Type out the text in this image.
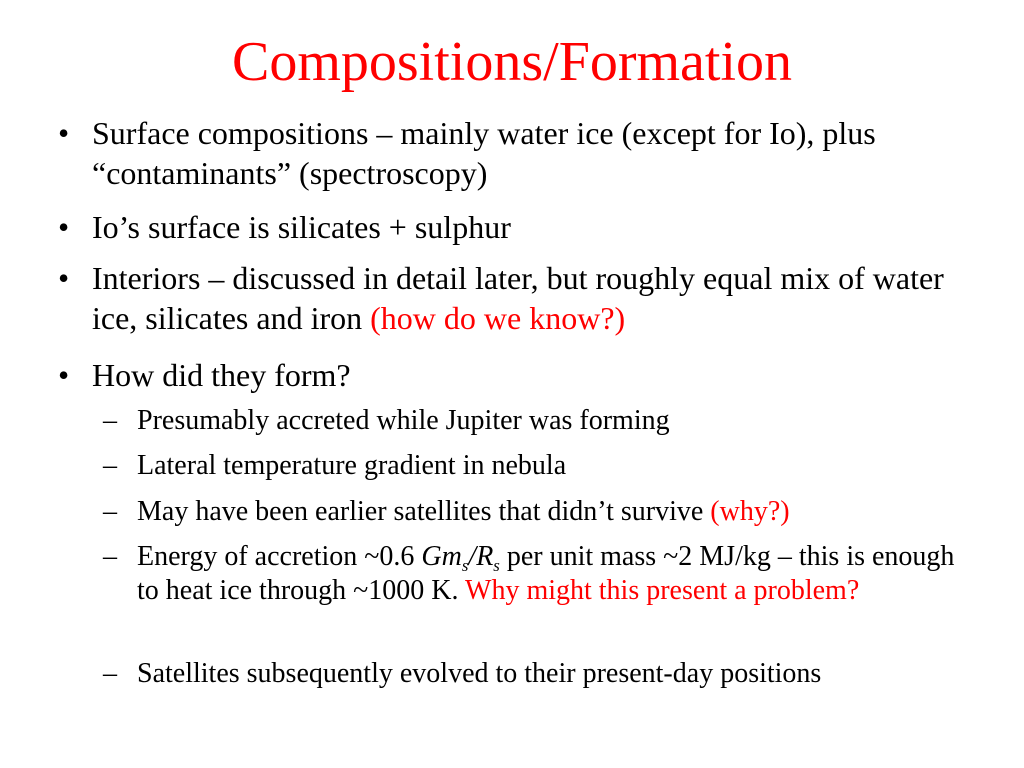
Compositions/Formation
• Surface compositions – mainly water ice (except for Io), plus “contaminants” (spectroscopy)
• Io’s surface is silicates + sulphur
• Interiors – discussed in detail later, but roughly equal mix of water ice, silicates and iron (how do we know?)
• How did they form?
– Presumably accreted while Jupiter was forming
– Lateral temperature gradient in nebula
– May have been earlier satellites that didn’t survive (why?)
– Energy of accretion ~0.6 $Gm_s/R_s$ per unit mass ~2 MJ/kg – this is enough to heat ice through ~1000 K. Why might this present a problem?
– Satellites subsequently evolved to their present-day positions
